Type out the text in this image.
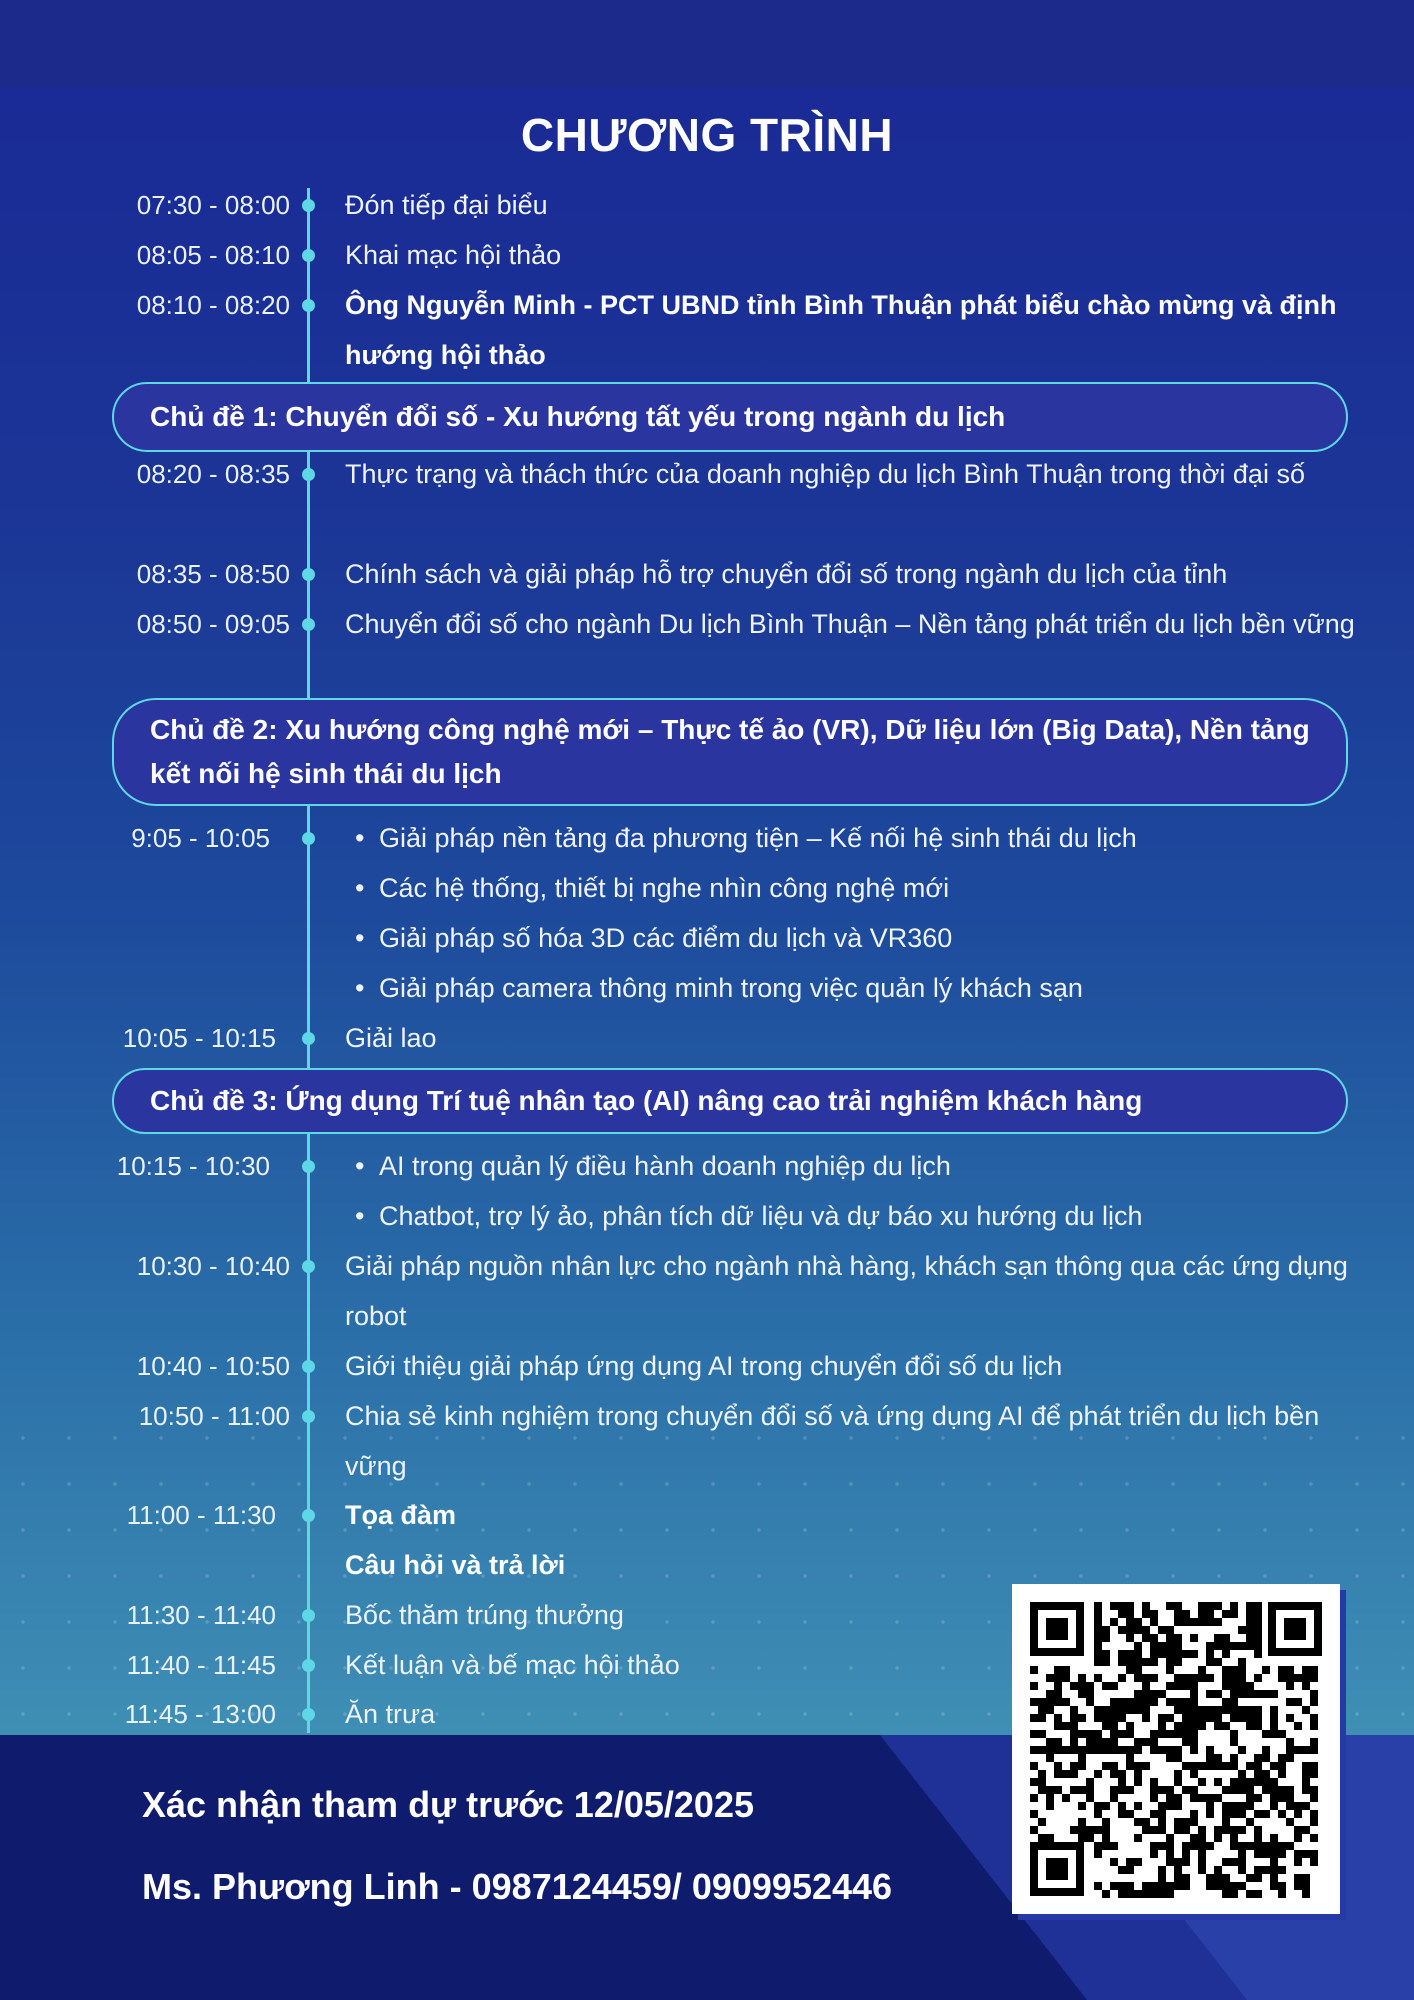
CHƯƠNG TRÌNH
07:30 - 08:00 Đón tiếp đại biểu
08:05 - 08:10 Khai mạc hội thảo
08:10 - 08:20 Ông Nguyễn Minh - PCT UBND tỉnh Bình Thuận phát biểu chào mừng và định hướng hội thảo
Chủ đề 1: Chuyển đổi số - Xu hướng tất yếu trong ngành du lịch
08:20 - 08:35 Thực trạng và thách thức của doanh nghiệp du lịch Bình Thuận trong thời đại số
08:35 - 08:50 Chính sách và giải pháp hỗ trợ chuyển đổi số trong ngành du lịch của tỉnh
08:50 - 09:05 Chuyển đổi số cho ngành Du lịch Bình Thuận – Nền tảng phát triển du lịch bền vững
Chủ đề 2: Xu hướng công nghệ mới – Thực tế ảo (VR), Dữ liệu lớn (Big Data), Nền tảng kết nối hệ sinh thái du lịch
9:05 - 10:05	• Giải pháp nền tảng đa phương tiện – Kế nối hệ sinh thái du lịch
• Các hệ thống, thiết bị nghe nhìn công nghệ mới
• Giải pháp số hóa 3D các điểm du lịch và VR360
• Giải pháp camera thông minh trong việc quản lý khách sạn
10:05 - 10:15	Giải lao
Chủ đề 3: Ứng dụng Trí tuệ nhân tạo (AI) nâng cao trải nghiệm khách hàng
10:15 - 10:30	• AI trong quản lý điều hành doanh nghiệp du lịch
• Chatbot, trợ lý ảo, phân tích dữ liệu và dự báo xu hướng du lịch
10:30 - 10:40 Giải pháp nguồn nhân lực cho ngành nhà hàng, khách sạn thông qua các ứng dụng robot
10:40 - 10:50 Giới thiệu giải pháp ứng dụng AI trong chuyển đổi số du lịch
10:50 - 11:00 Chia sẻ kinh nghiệm trong chuyển đổi số và ứng dụng AI để phát triển du lịch bền vững
11:00 - 11:30	Tọa đàm
Câu hỏi và trả lời
11:30 - 11:40	Bốc thăm trúng thưởng
11:40 - 11:45	Kết luận và bế mạc hội thảo
11:45 - 13:00	Ăn trưa
Xác nhận tham dự trước 12/05/2025
Ms. Phương Linh - 0987124459/ 0909952446
